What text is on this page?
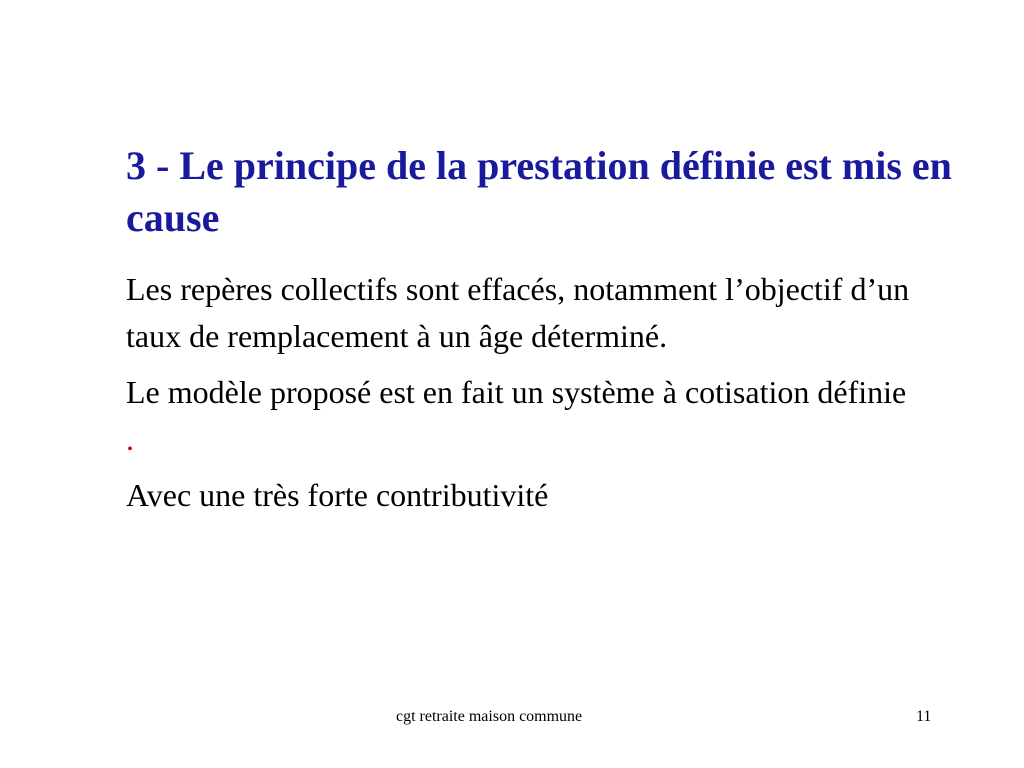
3 - Le principe de la prestation définie est mis en cause
Les repères collectifs sont effacés, notamment l’objectif d’un taux de remplacement à un âge déterminé.
Le modèle proposé est en fait un système à cotisation définie .
Avec une très forte contributivité
cgt retraite maison commune	11
